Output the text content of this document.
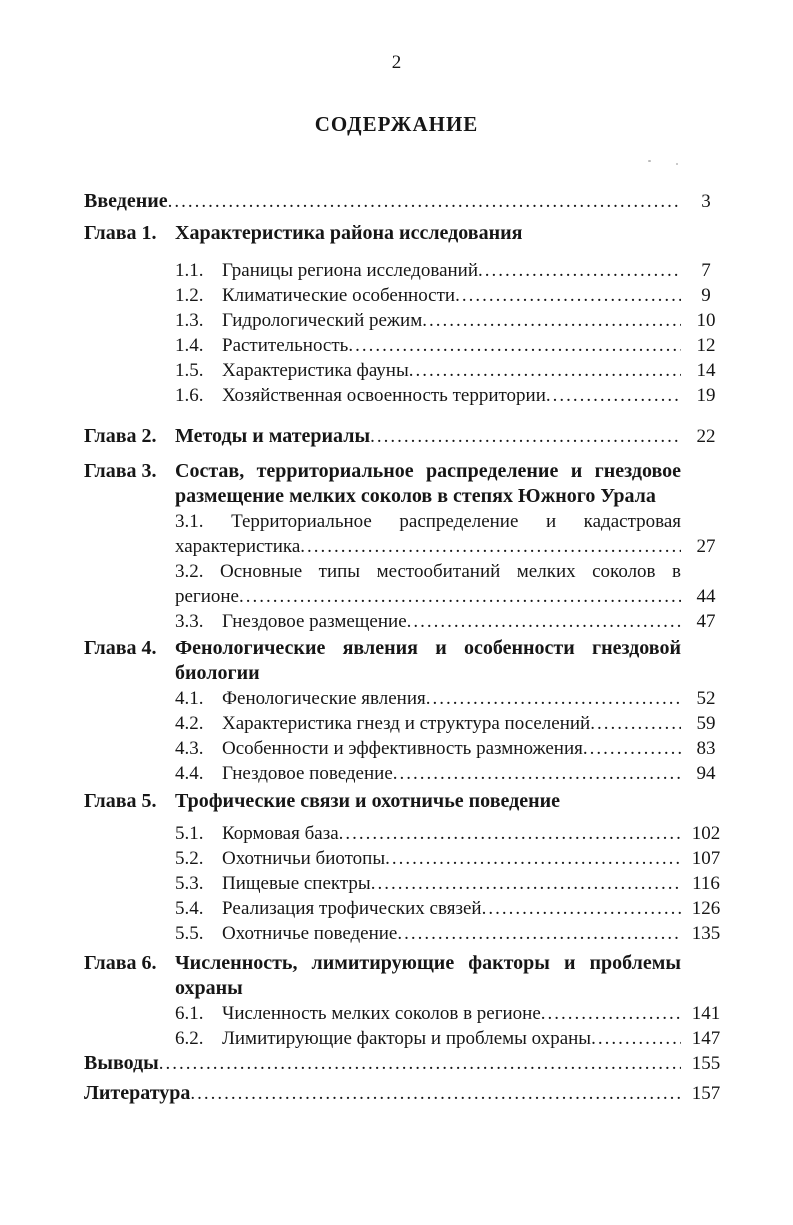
2
СОДЕРЖАНИЕ
Введение .....	3
Глава 1. Характеристика района исследования
1.1. Границы региона исследований .....	7
1.2. Климатические особенности .....	9
1.3. Гидрологический режим .....	10
1.4. Растительность .....	12
1.5. Характеристика фауны .....	14
1.6. Хозяйственная освоенность территории .....	19
Глава 2. Методы и материалы .....	22
Глава 3. Состав, территориальное распределение и гнездовое
размещение мелких соколов в степях Южного Урала
3.1. Территориальное распределение и кадастровая
характеристика .....	27
3.2. Основные типы местообитаний мелких соколов в
регионе .....	44
3.3. Гнездовое размещение .....	47
Глава 4. Фенологические явления и особенности гнездовой
биологии
4.1. Фенологические явления .....	52
4.2. Характеристика гнезд и структура поселений .....	59
4.3. Особенности и эффективность размножения .....	83
4.4. Гнездовое поведение .....	94
Глава 5. Трофические связи и охотничье поведение
5.1. Кормовая база .....	102
5.2. Охотничьи биотопы .....	107
5.3. Пищевые спектры .....	116
5.4. Реализация трофических связей .....	126
5.5. Охотничье поведение .....	135
Глава 6. Численность, лимитирующие факторы и проблемы
охраны
6.1. Численность мелких соколов в регионе .....	141
6.2. Лимитирующие факторы и проблемы охраны .....	147
Выводы .....	155
Литература .....	157
